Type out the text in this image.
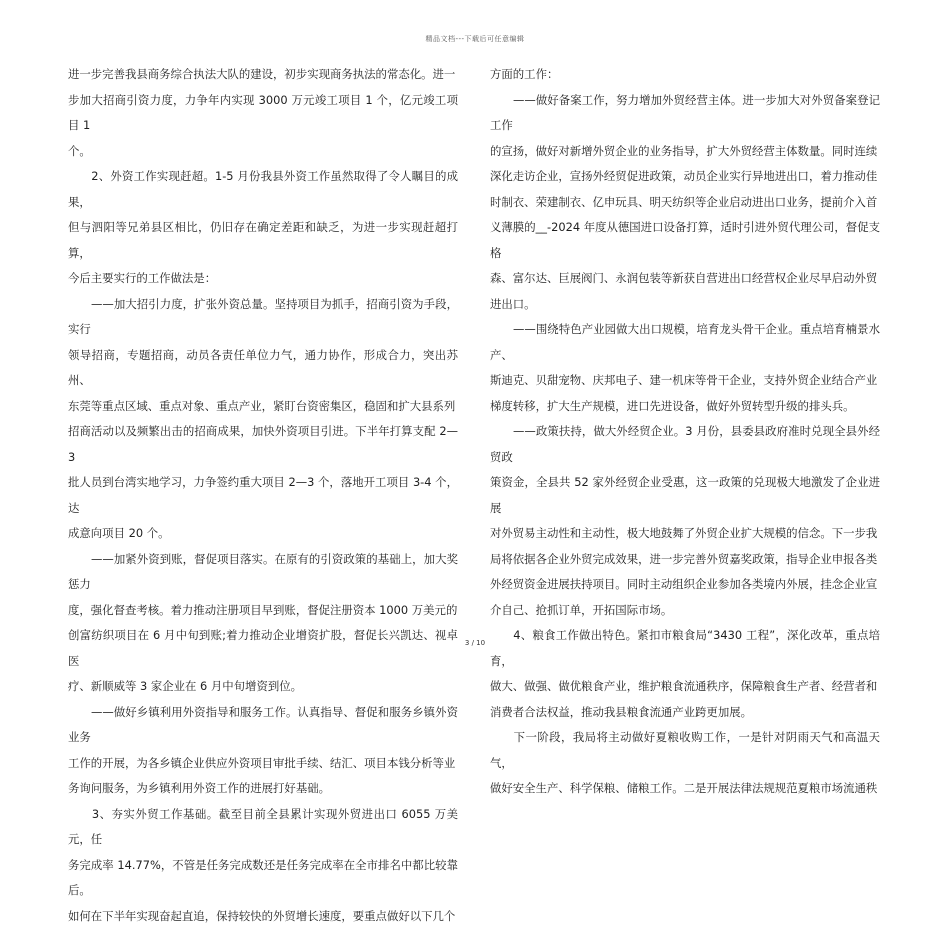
精品文档---下载后可任意编辑

进一步完善我县商务综合执法大队的建设，初步实现商务执法的常态化。进一

步加大招商引资力度，力争年内实现 3000 万元竣工项目 1 个，亿元竣工项目 1

个。

　　2、外资工作实现赶超。1-5 月份我县外资工作虽然取得了令人瞩目的成果，

但与泗阳等兄弟县区相比，仍旧存在确定差距和缺乏，为进一步实现赶超打算，

今后主要实行的工作做法是：

　　——加大招引力度，扩张外资总量。坚持项目为抓手，招商引资为手段，实行

领导招商，专题招商，动员各责任单位力气，通力协作，形成合力，突出苏州、

东莞等重点区域、重点对象、重点产业，紧盯台资密集区，稳固和扩大县系列

招商活动以及频繁出击的招商成果，加快外资项目引进。下半年打算支配 2—3

批人员到台湾实地学习，力争签约重大项目 2—3 个，落地开工项目 3-4 个，达

成意向项目 20 个。

　　——加紧外资到账，督促项目落实。在原有的引资政策的基础上，加大奖惩力

度，强化督查考核。着力推动注册项目早到账，督促注册资本 1000 万美元的

创富纺织项目在 6 月中旬到账;着力推动企业增资扩股，督促长兴凯达、视卓医

疗、新顺威等 3 家企业在 6 月中旬增资到位。

　　——做好乡镇利用外资指导和服务工作。认真指导、督促和服务乡镇外资业务

工作的开展，为各乡镇企业供应外资项目审批手续、结汇、项目本钱分析等业

务询问服务，为乡镇利用外资工作的进展打好基础。

　　3、夯实外贸工作基础。截至目前全县累计实现外贸进出口 6055 万美元，任

务完成率 14.77%，不管是任务完成数还是任务完成率在全市排名中都比较靠后。

如何在下半年实现奋起直追，保持较快的外贸增长速度，要重点做好以下几个

方面的工作：

　　——做好备案工作，努力增加外贸经营主体。进一步加大对外贸备案登记工作

的宣扬，做好对新增外贸企业的业务指导，扩大外贸经营主体数量。同时连续

深化走访企业，宣扬外经贸促进政策，动员企业实行异地进出口，着力推动佳

时制衣、荣建制衣、亿申玩具、明天纺织等企业启动进出口业务，提前介入首

义薄膜的__-2024 年度从德国进口设备打算，适时引进外贸代理公司，督促支格

森、富尔达、巨展阀门、永润包装等新获自营进出口经营权企业尽早启动外贸

进出口。

　　——围绕特色产业园做大出口规模，培育龙头骨干企业。重点培育楠景水产、

斯迪克、贝甜宠物、庆邦电子、建一机床等骨干企业，支持外贸企业结合产业

梯度转移，扩大生产规模，进口先进设备，做好外贸转型升级的排头兵。

　　——政策扶持，做大外经贸企业。3 月份，县委县政府准时兑现全县外经贸政

策资金，全县共 52 家外经贸企业受惠，这一政策的兑现极大地激发了企业进展

对外贸易主动性和主动性，极大地鼓舞了外贸企业扩大规模的信念。下一步我

局将依据各企业外贸完成效果，进一步完善外贸嘉奖政策，指导企业申报各类

外经贸资金进展扶持项目。同时主动组织企业参加各类境内外展，挂念企业宣

介自己、抢抓订单，开拓国际市场。

　　4、粮食工作做出特色。紧扣市粮食局“3430 工程”，深化改革，重点培育，

做大、做强、做优粮食产业，维护粮食流通秩序，保障粮食生产者、经营者和

消费者合法权益，推动我县粮食流通产业跨更加展。

　　下一阶段，我局将主动做好夏粮收购工作，一是针对阴雨天气和高温天气，

做好安全生产、科学保粮、储粮工作。二是开展法律法规规范夏粮市场流通秩

3 / 10
